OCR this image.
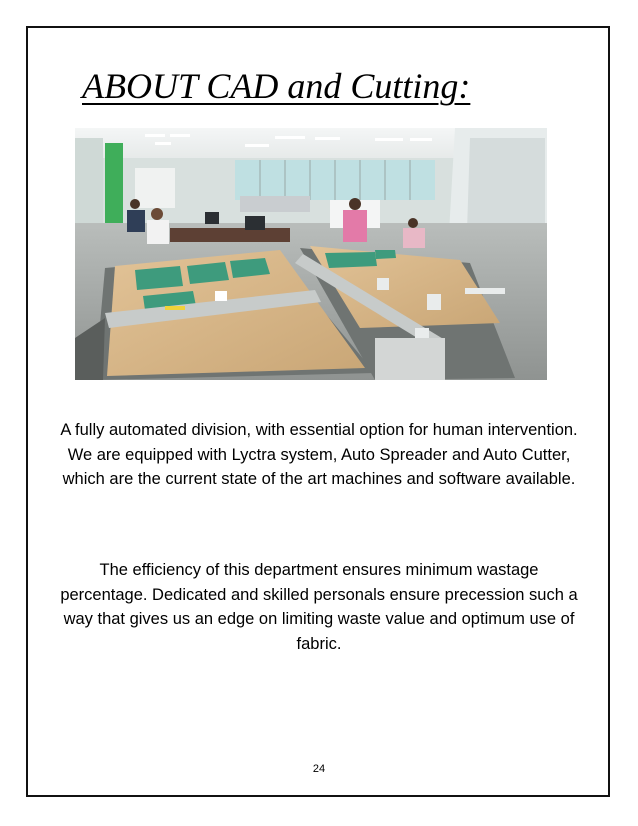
ABOUT CAD and Cutting:

A fully automated division, with essential option for human intervention. We are equipped with Lyctra system, Auto Spreader and Auto Cutter, which are the current state of the art machines and software available.

The efficiency of this department ensures minimum wastage percentage. Dedicated and skilled personals ensure precession such a way that gives us an edge on limiting waste value and optimum use of fabric.

24
